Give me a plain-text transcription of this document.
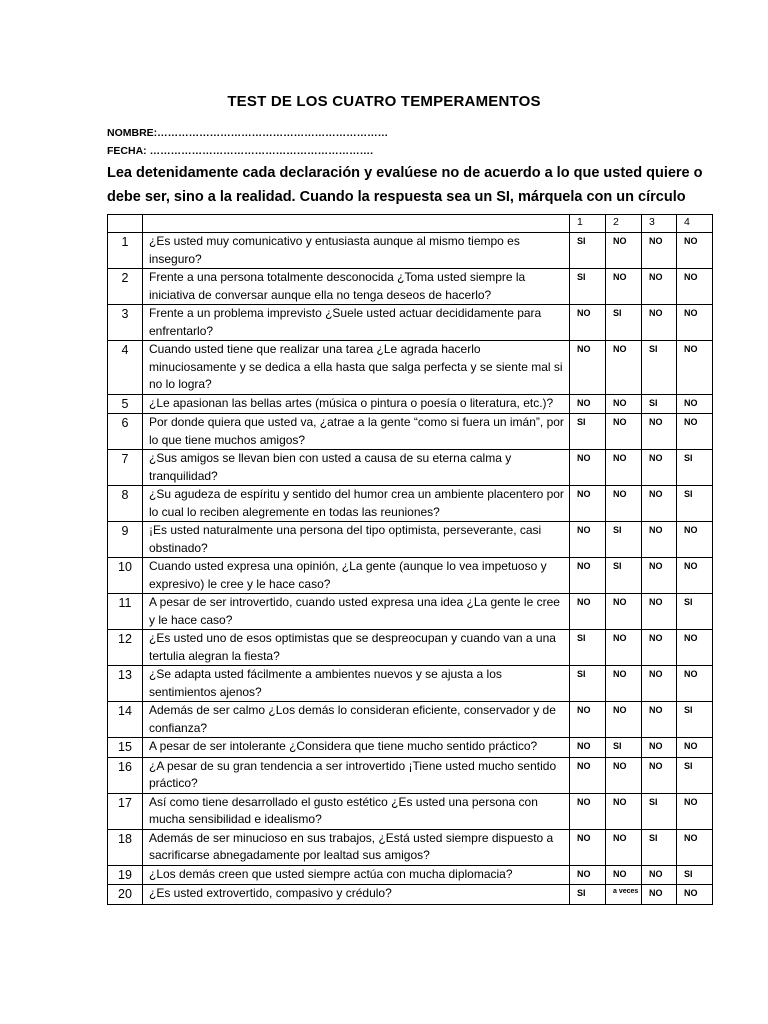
TEST DE LOS CUATRO TEMPERAMENTOS
NOMBRE:…………………………………………………………
FECHA: ……………………………………………………….
Lea detenidamente cada declaración y evalúese no de acuerdo a lo que usted quiere o debe ser, sino a la realidad. Cuando la respuesta sea un SI, márquela con un círculo
		1	2	3	4
1	¿Es usted muy comunicativo y entusiasta aunque al mismo tiempo es inseguro?	SI	NO	NO	NO
2	Frente a una persona totalmente desconocida ¿Toma usted siempre la iniciativa de conversar aunque ella no tenga deseos de hacerlo?	SI	NO	NO	NO
3	Frente a un problema imprevisto ¿Suele usted actuar decididamente para enfrentarlo?	NO	SI	NO	NO
4	Cuando usted tiene que realizar una tarea ¿Le agrada hacerlo minuciosamente y se dedica a ella hasta que salga perfecta y se siente mal si no lo logra?	NO	NO	SI	NO
5	¿Le apasionan las bellas artes (música o pintura o poesía o literatura, etc.)?	NO	NO	SI	NO
6	Por donde quiera que usted va, ¿atrae a la gente “como si fuera un imán”, por lo que tiene muchos amigos?	SI	NO	NO	NO
7	¿Sus amigos se llevan bien con usted a causa de su eterna calma y tranquilidad?	NO	NO	NO	SI
8	¿Su agudeza de espíritu y sentido del humor crea un ambiente placentero por lo cual lo reciben alegremente en todas las reuniones?	NO	NO	NO	SI
9	¡Es usted naturalmente una persona del tipo optimista, perseverante, casi obstinado?	NO	SI	NO	NO
10	Cuando usted expresa una opinión, ¿La gente (aunque lo vea impetuoso y expresivo) le cree y le hace caso?	NO	SI	NO	NO
11	A pesar de ser introvertido, cuando usted expresa una idea ¿La gente le cree y le hace caso?	NO	NO	NO	SI
12	¿Es usted uno de esos optimistas que se despreocupan y cuando van a una tertulia alegran la fiesta?	SI	NO	NO	NO
13	¿Se adapta usted fácilmente a ambientes nuevos y se ajusta a los sentimientos ajenos?	SI	NO	NO	NO
14	Además de ser calmo ¿Los demás lo consideran eficiente, conservador y de confianza?	NO	NO	NO	SI
15	A pesar de ser intolerante ¿Considera que tiene mucho sentido práctico?	NO	SI	NO	NO
16	¿A pesar de su gran tendencia a ser introvertido ¡Tiene usted mucho sentido práctico?	NO	NO	NO	SI
17	Así como tiene desarrollado el gusto estético ¿Es usted una persona con mucha sensibilidad e idealismo?	NO	NO	SI	NO
18	Además de ser minucioso en sus trabajos, ¿Está usted siempre dispuesto a sacrificarse abnegadamente por lealtad sus amigos?	NO	NO	SI	NO
19	¿Los demás creen que usted siempre actúa con mucha diplomacia?	NO	NO	NO	SI
20	¿Es usted extrovertido, compasivo y crédulo?	SI	a veces	NO	NO
